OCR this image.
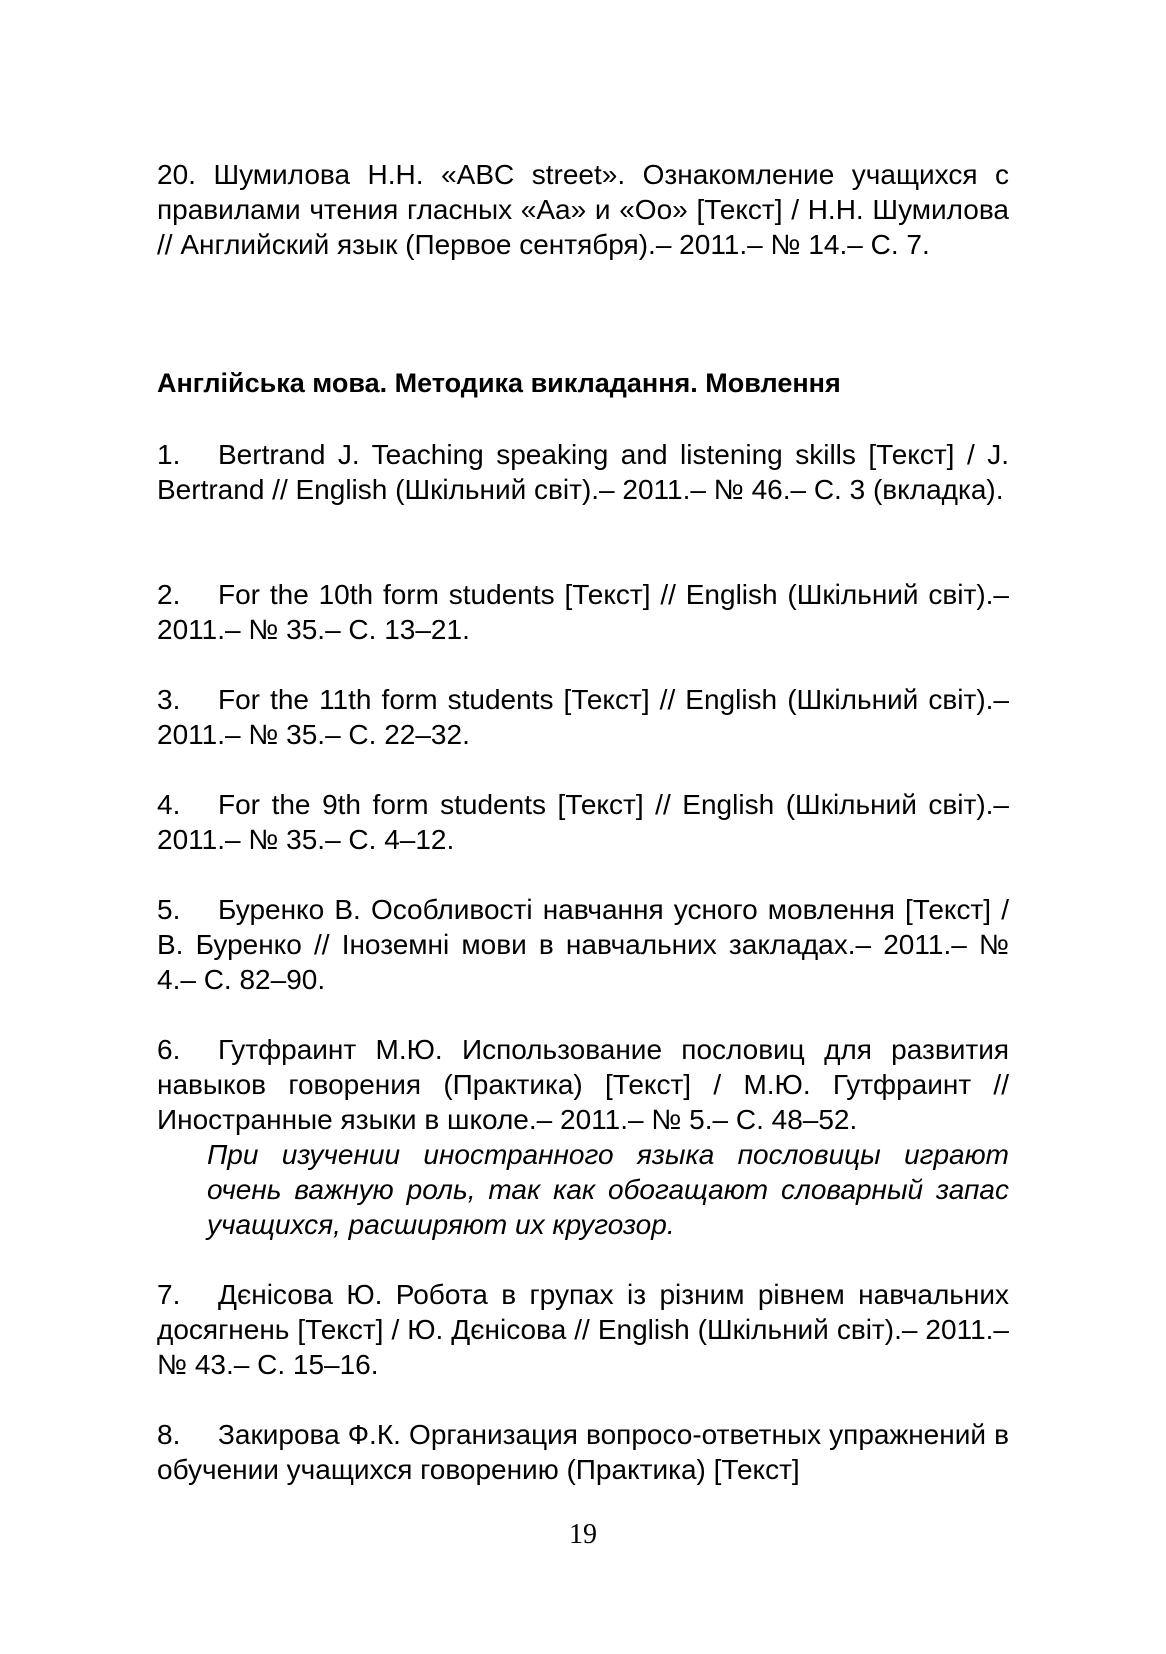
20. Шумилова Н.Н. «ABC street». Ознакомление учащихся с правилами чтения гласных «Aa» и «Oo» [Текст] / Н.Н. Шумилова // Английский язык (Первое сентября).– 2011.– № 14.– С. 7.

Англійська мова. Методика викладання. Мовлення

1. Bertrand J. Teaching speaking and listening skills [Текст] / J. Bertrand // English (Шкільний світ).– 2011.– № 46.– С. 3 (вкладка).

2. For the 10th form students [Текст] // English (Шкільний світ).– 2011.– № 35.– С. 13–21.

3. For the 11th form students [Текст] // English (Шкільний світ).– 2011.– № 35.– С. 22–32.

4. For the 9th form students [Текст] // English (Шкільний світ).– 2011.– № 35.– С. 4–12.

5. Буренко В. Особливості навчання усного мовлення [Текст] / В. Буренко // Іноземні мови в навчальних закладах.– 2011.– № 4.– С. 82–90.

6. Гутфраинт М.Ю. Использование пословиц для развития навыков говорения (Практика) [Текст] / М.Ю. Гутфраинт // Иностранные языки в школе.– 2011.– № 5.– С. 48–52.

При изучении иностранного языка пословицы играют очень важную роль, так как обогащают словарный запас учащихся, расширяют их кругозор.

7. Дєнісова Ю. Робота в групах із різним рівнем навчальних досягнень [Текст] / Ю. Дєнісова // English (Шкільний світ).– 2011.– № 43.– С. 15–16.

8. Закирова Ф.К. Организация вопросо-ответных упражнений в обучении учащихся говорению (Практика) [Текст]

19
